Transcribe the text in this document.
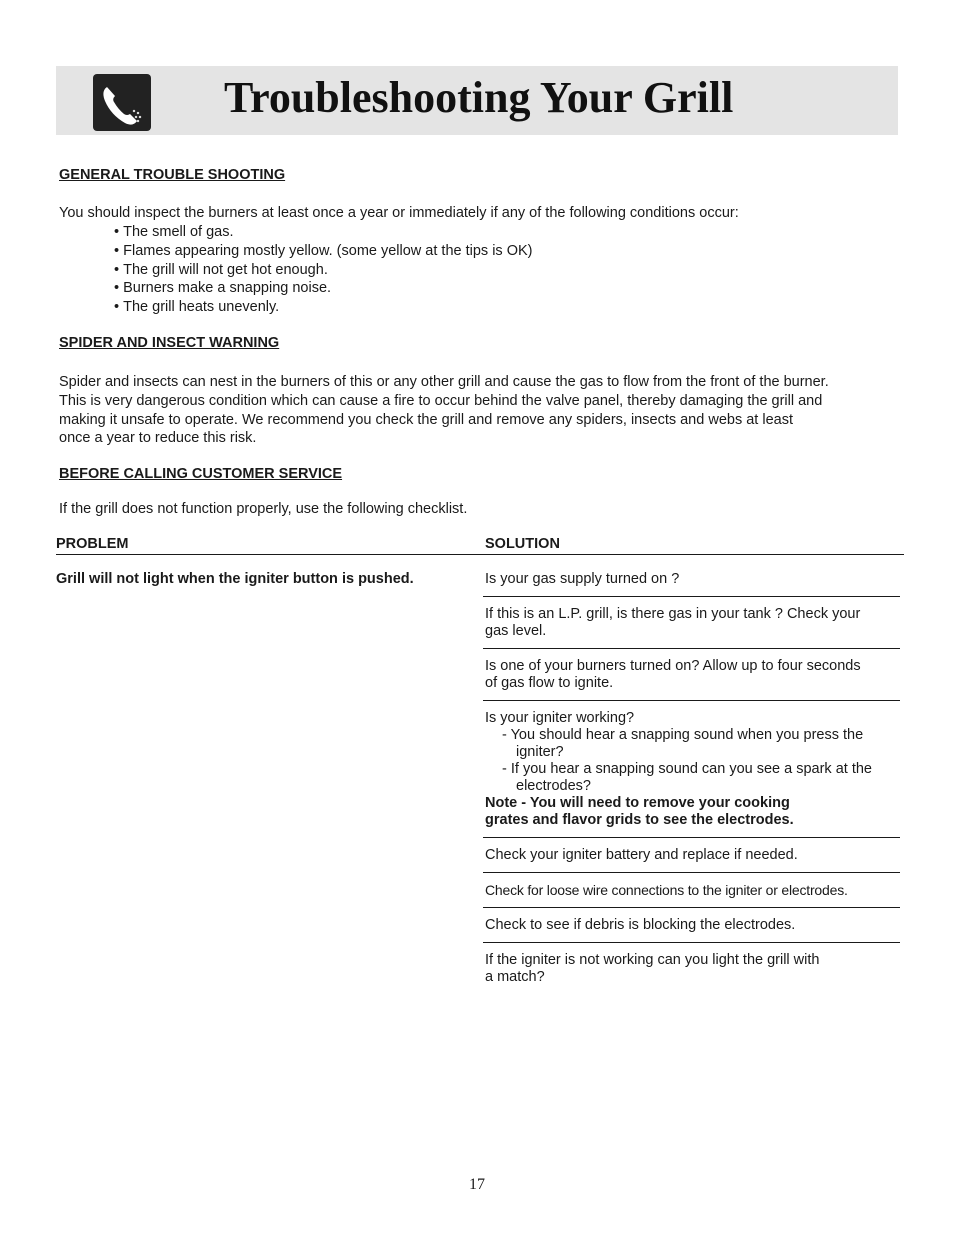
Troubleshooting Your Grill
GENERAL TROUBLE SHOOTING
You should inspect the burners at least once a year or immediately if any of the following conditions occur:
• The smell of gas.
• Flames appearing mostly yellow. (some yellow at the tips is OK)
• The grill will not get hot enough.
• Burners make a snapping noise.
• The grill heats unevenly.
SPIDER AND INSECT WARNING
Spider and insects can nest in the burners of this or any other grill and cause the gas to flow from the front of the burner.
This is very dangerous condition which can cause a fire to occur behind the valve panel, thereby damaging the grill and
making it unsafe to operate. We recommend you check the grill and remove any spiders, insects and webs at least
once a year to reduce this risk.
BEFORE CALLING CUSTOMER SERVICE
If the grill does not function properly, use the following checklist.
PROBLEM	SOLUTION
Grill will not light when the igniter button is pushed.	Is your gas supply turned on ?
If this is an L.P. grill, is there gas in your tank ? Check your
gas level.
Is one of your burners turned on? Allow up to four seconds
of gas flow to ignite.
Is your igniter working?
- You should hear a snapping sound when you press the igniter?
- If you hear a snapping sound can you see a spark at the electrodes?
Note - You will need to remove your cooking
grates and flavor grids to see the electrodes.
Check your igniter battery and replace if needed.
Check for loose wire connections to the igniter or electrodes.
Check to see if debris is blocking the electrodes.
If the igniter is not working can you light the grill with
a match?
17
